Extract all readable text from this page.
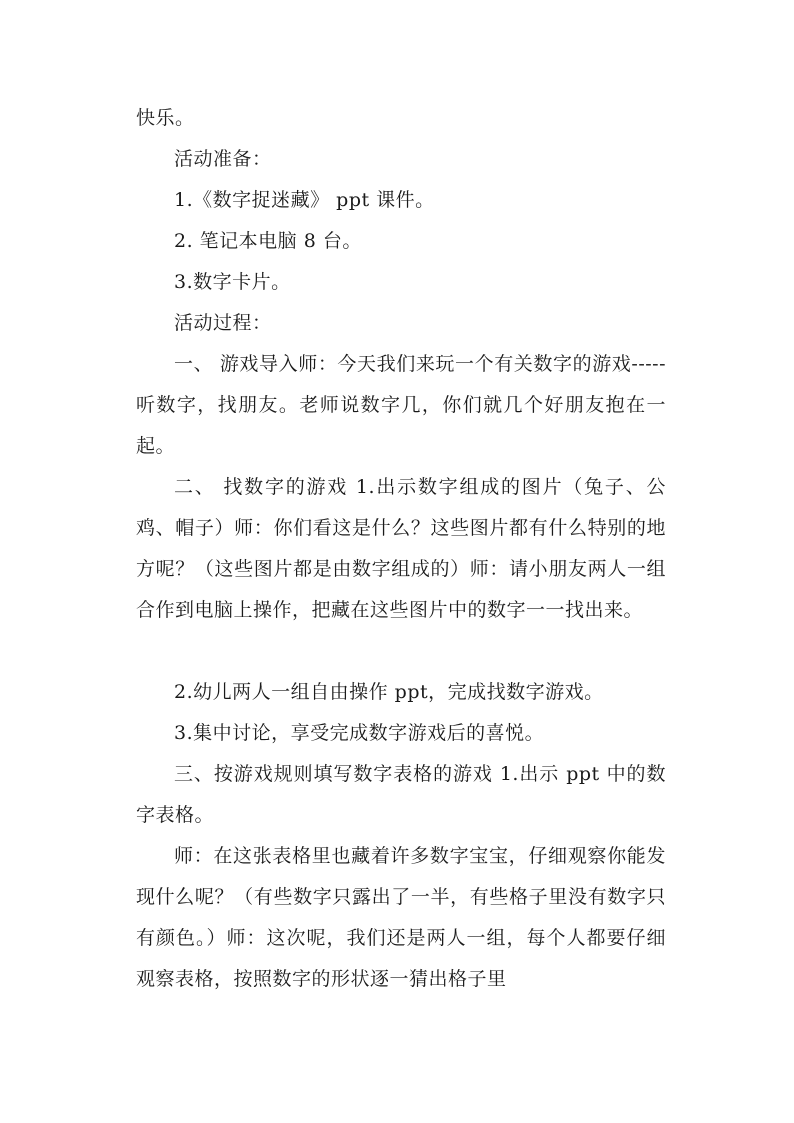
快乐。

活动准备：

1.《数字捉迷藏》 ppt 课件。

2. 笔记本电脑 8 台。

3.数字卡片。

活动过程：

一、 游戏导入师：今天我们来玩一个有关数字的游戏-----听数字，找朋友。老师说数字几，你们就几个好朋友抱在一起。

二、 找数字的游戏 1.出示数字组成的图片（兔子、公鸡、帽子）师：你们看这是什么？这些图片都有什么特别的地方呢？（这些图片都是由数字组成的）师：请小朋友两人一组合作到电脑上操作，把藏在这些图片中的数字一一找出来。

2.幼儿两人一组自由操作 ppt，完成找数字游戏。

3.集中讨论，享受完成数字游戏后的喜悦。

三、按游戏规则填写数字表格的游戏 1.出示 ppt 中的数字表格。

师：在这张表格里也藏着许多数字宝宝，仔细观察你能发现什么呢？（有些数字只露出了一半，有些格子里没有数字只有颜色。）师：这次呢，我们还是两人一组，每个人都要仔细观察表格，按照数字的形状逐一猜出格子里
